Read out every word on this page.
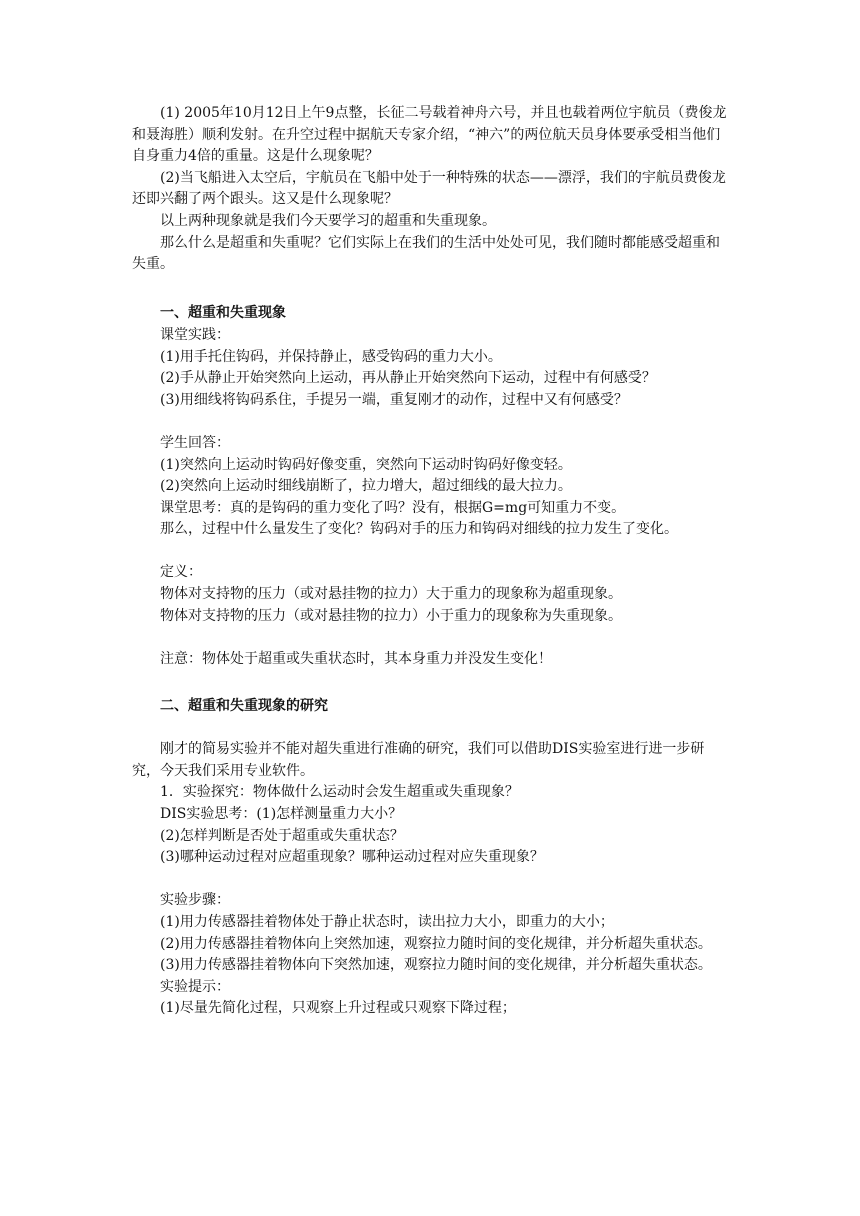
(1) 2005年10月12日上午9点整，长征二号载着神舟六号，并且也载着两位宇航员（费俊龙和聂海胜）顺利发射。在升空过程中据航天专家介绍，“神六”的两位航天员身体要承受相当他们自身重力4倍的重量。这是什么现象呢？

(2)当飞船进入太空后，宇航员在飞船中处于一种特殊的状态——漂浮，我们的宇航员费俊龙还即兴翻了两个跟头。这又是什么现象呢？

以上两种现象就是我们今天要学习的超重和失重现象。

那么什么是超重和失重呢？它们实际上在我们的生活中处处可见，我们随时都能感受超重和失重。

一、超重和失重现象

课堂实践：

(1)用手托住钩码，并保持静止，感受钩码的重力大小。

(2)手从静止开始突然向上运动，再从静止开始突然向下运动，过程中有何感受？

(3)用细线将钩码系住，手提另一端，重复刚才的动作，过程中又有何感受？

学生回答：

(1)突然向上运动时钩码好像变重，突然向下运动时钩码好像变轻。

(2)突然向上运动时细线崩断了，拉力增大，超过细线的最大拉力。

课堂思考：真的是钩码的重力变化了吗？没有，根据G=mg可知重力不变。

那么，过程中什么量发生了变化？钩码对手的压力和钩码对细线的拉力发生了变化。

定义：

物体对支持物的压力（或对悬挂物的拉力）大于重力的现象称为超重现象。

物体对支持物的压力（或对悬挂物的拉力）小于重力的现象称为失重现象。

注意：物体处于超重或失重状态时，其本身重力并没发生变化！

二、超重和失重现象的研究

刚才的简易实验并不能对超失重进行准确的研究，我们可以借助DIS实验室进行进一步研究，今天我们采用专业软件。

1．实验探究：物体做什么运动时会发生超重或失重现象？

DIS实验思考：(1)怎样测量重力大小？

(2)怎样判断是否处于超重或失重状态？

(3)哪种运动过程对应超重现象？哪种运动过程对应失重现象？

实验步骤：

(1)用力传感器挂着物体处于静止状态时，读出拉力大小，即重力的大小；

(2)用力传感器挂着物体向上突然加速，观察拉力随时间的变化规律，并分析超失重状态。

(3)用力传感器挂着物体向下突然加速，观察拉力随时间的变化规律，并分析超失重状态。

实验提示：

(1)尽量先简化过程，只观察上升过程或只观察下降过程；
